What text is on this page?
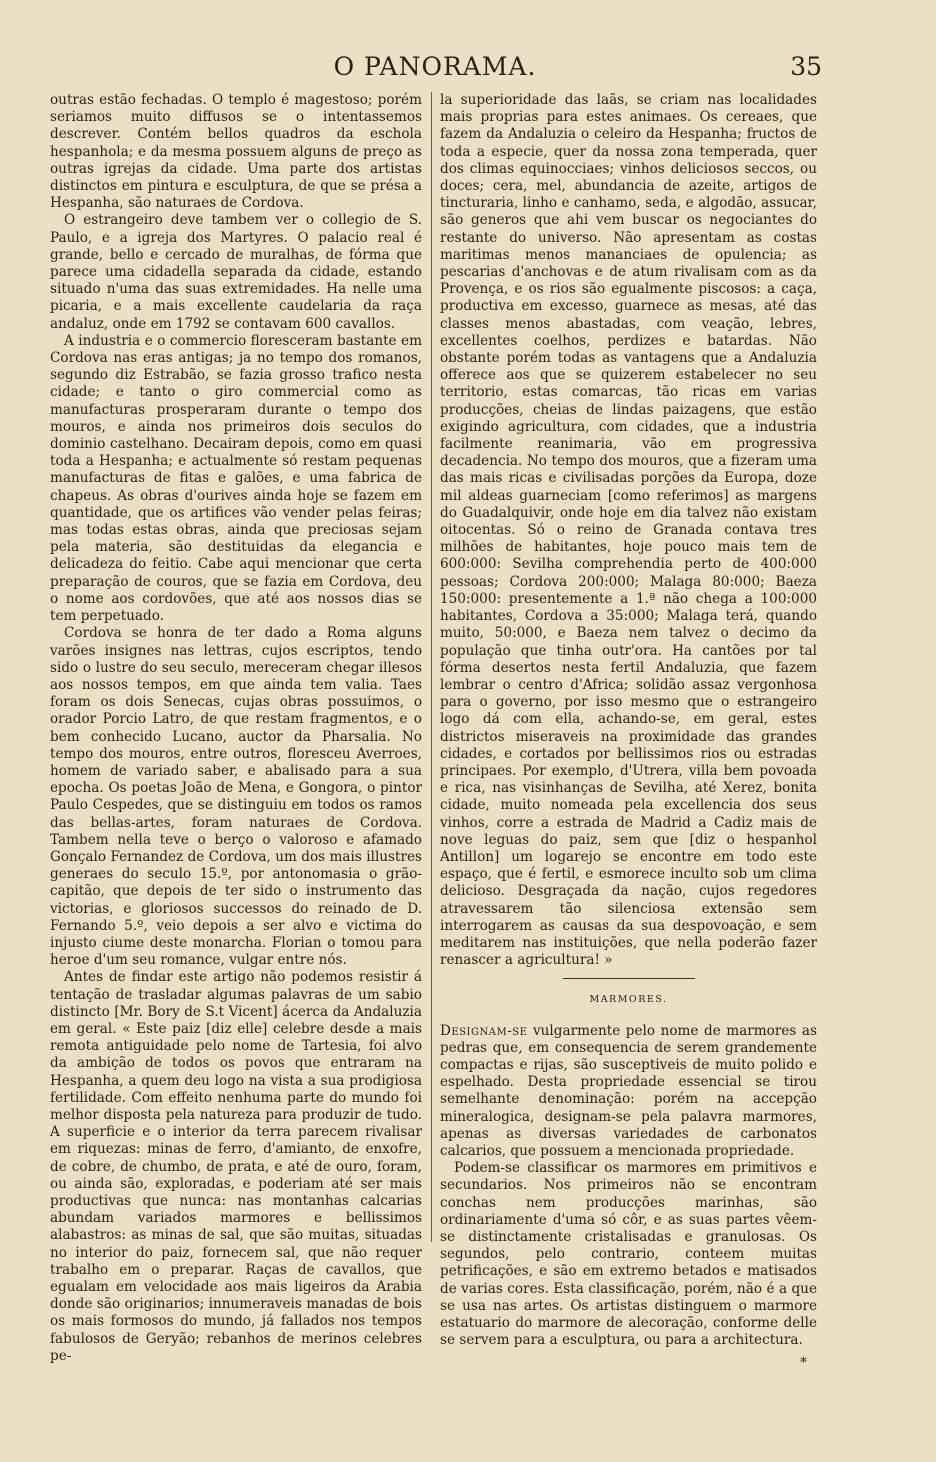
O PANORAMA.	35

outras estão fechadas. O templo é magestoso; porém seriamos muito diffusos se o intentassemos descrever. Contém bellos quadros da eschola hespanhola; e da mesma possuem alguns de preço as outras igrejas da cidade. Uma parte dos artistas distinctos em pintura e esculptura, de que se présa a Hespanha, são naturaes de Cordova.

O estrangeiro deve tambem ver o collegio de S. Paulo, e a igreja dos Martyres. O palacio real é grande, bello e cercado de muralhas, de fórma que parece uma cidadella separada da cidade, estando situado n'uma das suas extremidades. Ha nelle uma picaria, e a mais excellente caudelaria da raça andaluz, onde em 1792 se contavam 600 cavallos.

A industria e o commercio floresceram bastante em Cordova nas eras antigas; ja no tempo dos romanos, segundo diz Estrabão, se fazia grosso trafico nesta cidade; e tanto o giro commercial como as manufacturas prosperaram durante o tempo dos mouros, e ainda nos primeiros dois seculos do dominio castelhano. Decairam depois, como em quasi toda a Hespanha; e actualmente só restam pequenas manufacturas de fitas e galões, e uma fabrica de chapeus. As obras d'ourives ainda hoje se fazem em quantidade, que os artifices vão vender pelas feiras; mas todas estas obras, ainda que preciosas sejam pela materia, são destituidas da elegancia e delicadeza do feitio. Cabe aqui mencionar que certa preparação de couros, que se fazia em Cordova, deu o nome aos cordovões, que até aos nossos dias se tem perpetuado.

Cordova se honra de ter dado a Roma alguns varões insignes nas lettras, cujos escriptos, tendo sido o lustre do seu seculo, mereceram chegar illesos aos nossos tempos, em que ainda tem valia. Taes foram os dois Senecas, cujas obras possuimos, o orador Porcio Latro, de que restam fragmentos, e o bem conhecido Lucano, auctor da Pharsalia. No tempo dos mouros, entre outros, floresceu Averroes, homem de variado saber, e abalisado para a sua epocha. Os poetas João de Mena, e Gongora, o pintor Paulo Cespedes, que se distinguiu em todos os ramos das bellas-artes, foram naturaes de Cordova. Tambem nella teve o berço o valoroso e afamado Gonçalo Fernandez de Cordova, um dos mais illustres generaes do seculo 15.º, por antonomasia o grão-capitão, que depois de ter sido o instrumento das victorias, e gloriosos successos do reinado de D. Fernando 5.º, veio depois a ser alvo e victima do injusto ciume deste monarcha. Florian o tomou para heroe d'um seu romance, vulgar entre nós.

Antes de findar este artigo não podemos resistir á tentação de trasladar algumas palavras de um sabio distincto [Mr. Bory de S.t Vicent] ácerca da Andaluzia em geral. « Este paiz [diz elle] celebre desde a mais remota antiguidade pelo nome de Tartesia, foi alvo da ambição de todos os povos que entraram na Hespanha, a quem deu logo na vista a sua prodigiosa fertilidade. Com effeito nenhuma parte do mundo foi melhor disposta pela natureza para produzir de tudo. A superficie e o interior da terra parecem rivalisar em riquezas: minas de ferro, d'amianto, de enxofre, de cobre, de chumbo, de prata, e até de ouro, foram, ou ainda são, exploradas, e poderiam até ser mais productivas que nunca: nas montanhas calcarias abundam variados marmores e bellissimos alabastros: as minas de sal, que são muitas, situadas no interior do paiz, fornecem sal, que não requer trabalho em o preparar. Raças de cavallos, que egualam em velocidade aos mais ligeiros da Arabia donde são originarios; innumeraveis manadas de bois os mais formosos do mundo, já fallados nos tempos fabulosos de Geryão; rebanhos de merinos celebres pe-

la superioridade das laãs, se criam nas localidades mais proprias para estes animaes. Os cereaes, que fazem da Andaluzia o celeiro da Hespanha; fructos de toda a especie, quer da nossa zona temperada, quer dos climas equinocciaes; vinhos deliciosos seccos, ou doces; cera, mel, abundancia de azeite, artigos de tincturaria, linho e canhamo, seda, e algodão, assucar, são generos que ahi vem buscar os negociantes do restante do universo. Não apresentam as costas maritimas menos mananciaes de opulencia; as pescarias d'anchovas e de atum rivalisam com as da Provença, e os rios são egualmente piscosos: a caça, productiva em excesso, guarnece as mesas, até das classes menos abastadas, com veação, lebres, excellentes coelhos, perdizes e batardas. Não obstante porém todas as vantagens que a Andaluzia offerece aos que se quizerem estabelecer no seu territorio, estas comarcas, tão ricas em varias producções, cheias de lindas paizagens, que estão exigindo agricultura, com cidades, que a industria facilmente reanimaria, vão em progressiva decadencia. No tempo dos mouros, que a fizeram uma das mais ricas e civilisadas porções da Europa, doze mil aldeas guarneciam [como referimos] as margens do Guadalquivir, onde hoje em dia talvez não existam oitocentas. Só o reino de Granada contava tres milhões de habitantes, hoje pouco mais tem de 600:000: Sevilha comprehendia perto de 400:000 pessoas; Cordova 200:000; Malaga 80:000; Baeza 150:000: presentemente a 1.ª não chega a 100:000 habitantes, Cordova a 35:000; Malaga terá, quando muito, 50:000, e Baeza nem talvez o decimo da população que tinha outr'ora. Ha cantões por tal fórma desertos nesta fertil Andaluzia, que fazem lembrar o centro d'Africa; solidão assaz vergonhosa para o governo, por isso mesmo que o estrangeiro logo dá com ella, achando-se, em geral, estes districtos miseraveis na proximidade das grandes cidades, e cortados por bellissimos rios ou estradas principaes. Por exemplo, d'Utrera, villa bem povoada e rica, nas visinhanças de Sevilha, até Xerez, bonita cidade, muito nomeada pela excellencia dos seus vinhos, corre a estrada de Madrid a Cadiz mais de nove leguas do paiz, sem que [diz o hespanhol Antillon] um logarejo se encontre em todo este espaço, que é fertil, e esmorece inculto sob um clima delicioso. Desgraçada da nação, cujos regedores atravessarem tão silenciosa extensão sem interrogarem as causas da sua despovoação, e sem meditarem nas instituições, que nella poderão fazer renascer a agricultura! »

MARMORES.

Designam-se vulgarmente pelo nome de marmores as pedras que, em consequencia de serem grandemente compactas e rijas, são susceptiveis de muito polido e espelhado. Desta propriedade essencial se tirou semelhante denominação: porém na accepção mineralogica, designam-se pela palavra marmores, apenas as diversas variedades de carbonatos calcarios, que possuem a mencionada propriedade.

Podem-se classificar os marmores em primitivos e secundarios. Nos primeiros não se encontram conchas nem producções marinhas, são ordinariamente d'uma só côr, e as suas partes vêem-se distinctamente cristalisadas e granulosas. Os segundos, pelo contrario, conteem muitas petrificações, e são em extremo betados e matisados de varias cores. Esta classificação, porém, não é a que se usa nas artes. Os artistas distinguem o marmore estatuario do marmore de alecoração, conforme delle se servem para a esculptura, ou para a architectura.

*
